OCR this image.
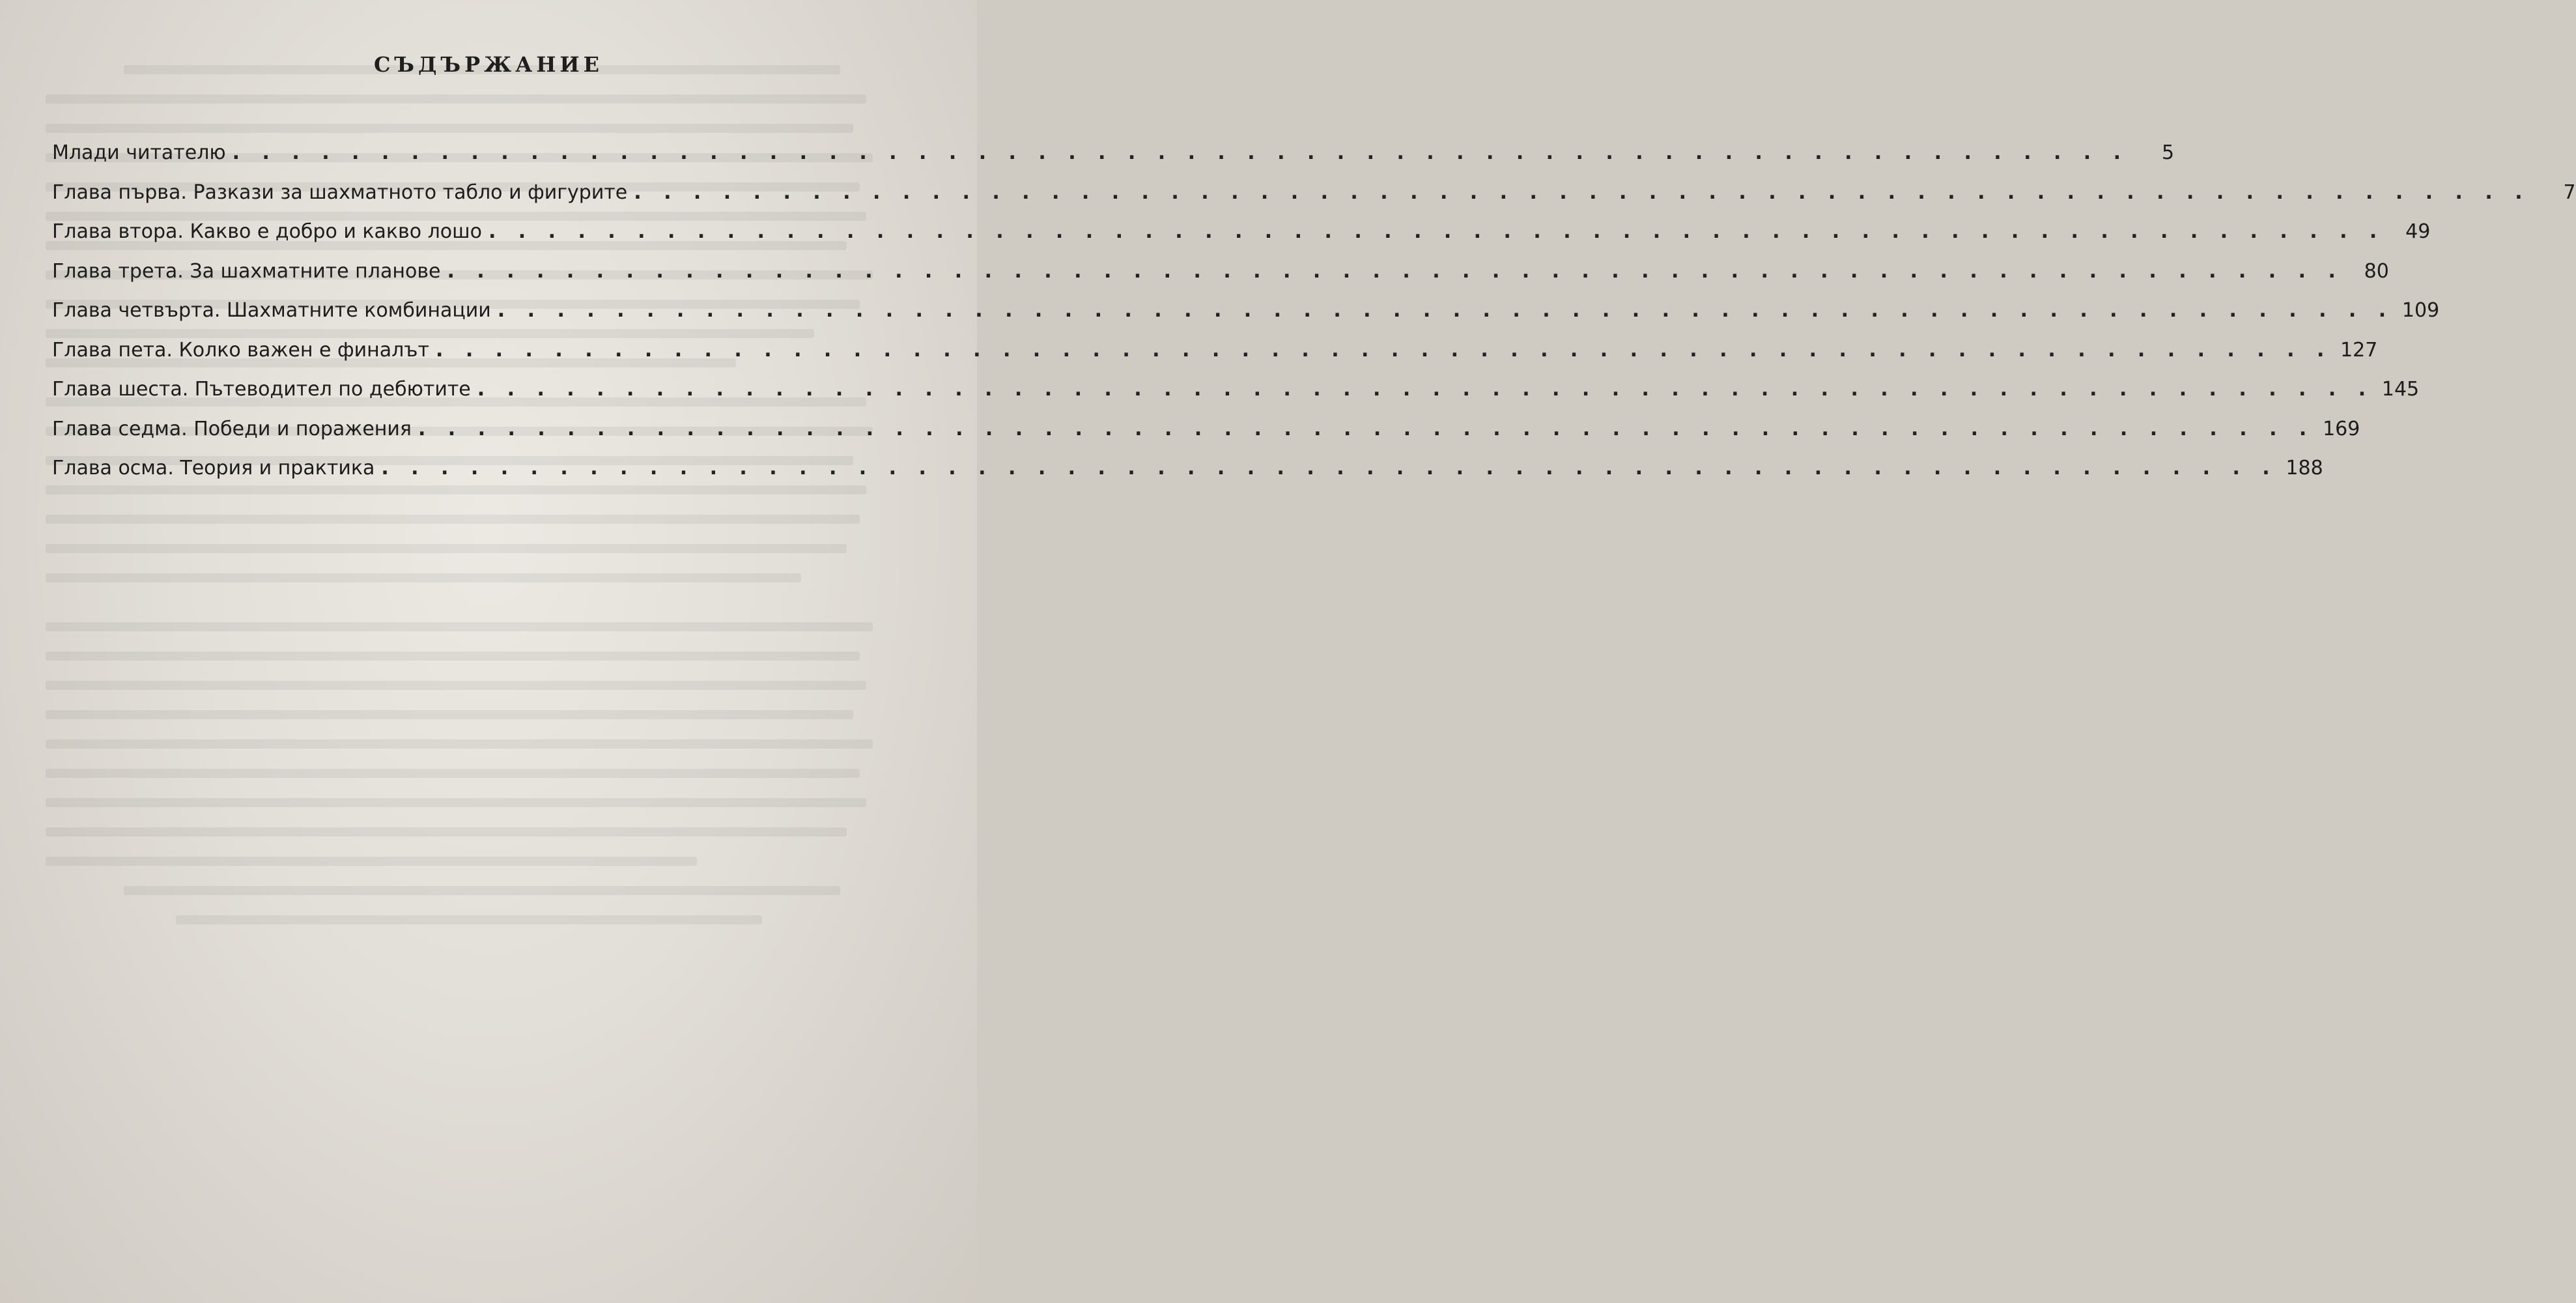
СЪДЪРЖАНИЕ
Млади читателю . . . . . . . . . . . . . . . . . . . . . . . . . . . . . . . . . . . . . . . . . . . . . . . . . . . . . . . . . . . . . . . .	5
Глава първа. Разкази за шахматното табло и фигурите . . . . . . . . . . . . . . . . . . . . . . . . . . . . . . . . . . . . . . . . . . . . . . . . . . . . . . . . . . . . . . . .	7
Глава втора. Какво е добро и какво лошо . . . . . . . . . . . . . . . . . . . . . . . . . . . . . . . . . . . . . . . . . . . . . . . . . . . . . . . . . . . . . . . .	49
Глава трета. За шахматните планове . . . . . . . . . . . . . . . . . . . . . . . . . . . . . . . . . . . . . . . . . . . . . . . . . . . . . . . . . . . . . . . .	80
Глава четвърта. Шахматните комбинации . . . . . . . . . . . . . . . . . . . . . . . . . . . . . . . . . . . . . . . . . . . . . . . . . . . . . . . . . . . . . . . . 109
Глава пета. Колко важен е финалът . . . . . . . . . . . . . . . . . . . . . . . . . . . . . . . . . . . . . . . . . . . . . . . . . . . . . . . . . . . . . . . . 127
Глава шеста. Пътеводител по дебютите . . . . . . . . . . . . . . . . . . . . . . . . . . . . . . . . . . . . . . . . . . . . . . . . . . . . . . . . . . . . . . . . 145
Глава седма. Победи и поражения . . . . . . . . . . . . . . . . . . . . . . . . . . . . . . . . . . . . . . . . . . . . . . . . . . . . . . . . . . . . . . . . 169
Глава осма. Теория и практика . . . . . . . . . . . . . . . . . . . . . . . . . . . . . . . . . . . . . . . . . . . . . . . . . . . . . . . . . . . . . . . . 188
